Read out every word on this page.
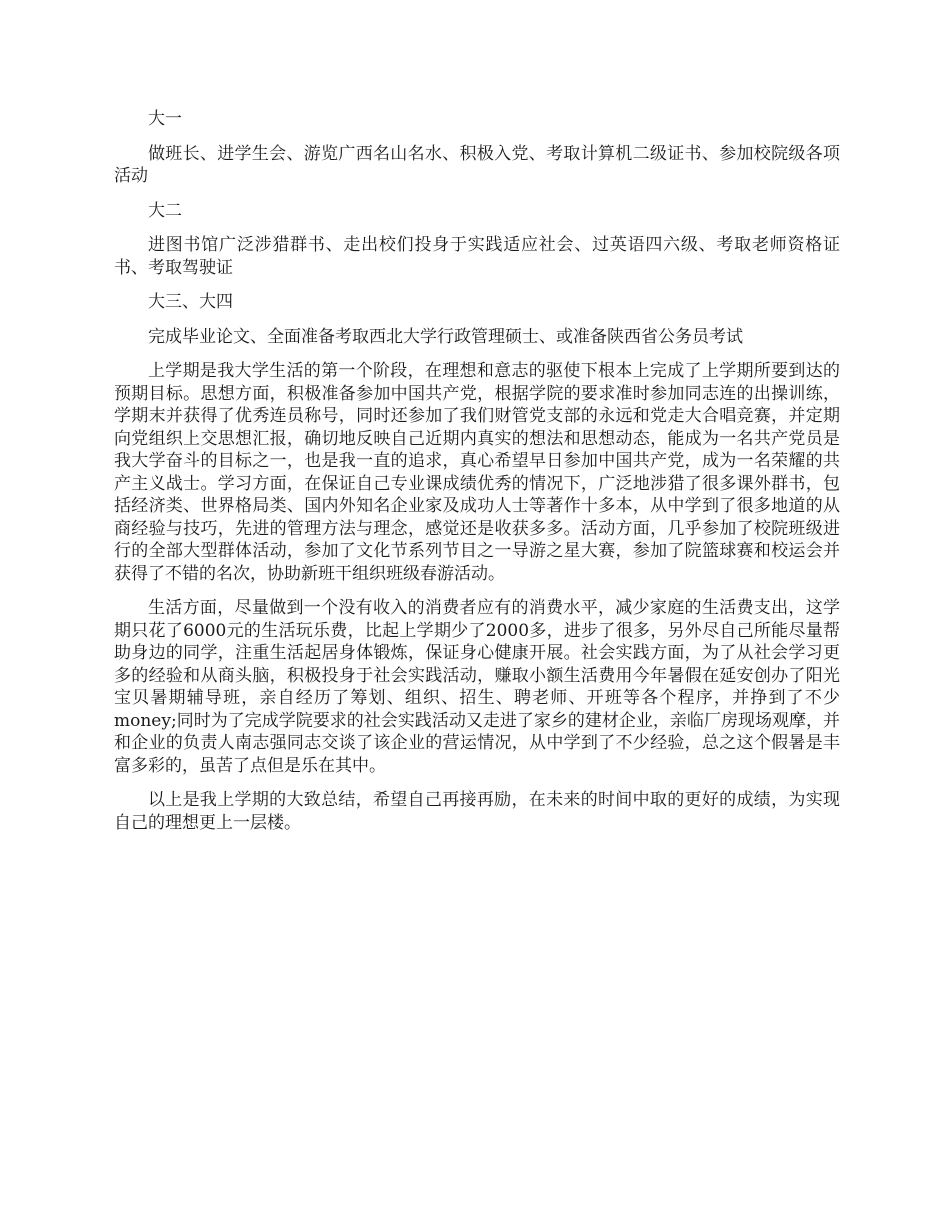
大一

做班长、进学生会、游览广西名山名水、积极入党、考取计算机二级证书、参加校院级各项活动

大二

进图书馆广泛涉猎群书、走出校们投身于实践适应社会、过英语四六级、考取老师资格证书、考取驾驶证

大三、大四

完成毕业论文、全面准备考取西北大学行政管理硕士、或准备陕西省公务员考试

上学期是我大学生活的第一个阶段，在理想和意志的驱使下根本上完成了上学期所要到达的预期目标。思想方面，积极准备参加中国共产党，根据学院的要求准时参加同志连的出操训练，学期末并获得了优秀连员称号，同时还参加了我们财管党支部的永远和党走大合唱竞赛，并定期向党组织上交思想汇报，确切地反映自己近期内真实的想法和思想动态，能成为一名共产党员是我大学奋斗的目标之一，也是我一直的追求，真心希望早日参加中国共产党，成为一名荣耀的共产主义战士。学习方面，在保证自己专业课成绩优秀的情况下，广泛地涉猎了很多课外群书，包括经济类、世界格局类、国内外知名企业家及成功人士等著作十多本，从中学到了很多地道的从商经验与技巧，先进的管理方法与理念，感觉还是收获多多。活动方面，几乎参加了校院班级进行的全部大型群体活动，参加了文化节系列节目之一导游之星大赛，参加了院篮球赛和校运会并获得了不错的名次，协助新班干组织班级春游活动。

生活方面，尽量做到一个没有收入的消费者应有的消费水平，减少家庭的生活费支出，这学期只花了6000元的生活玩乐费，比起上学期少了2000多，进步了很多，另外尽自己所能尽量帮助身边的同学，注重生活起居身体锻炼，保证身心健康开展。社会实践方面，为了从社会学习更多的经验和从商头脑，积极投身于社会实践活动，赚取小额生活费用今年暑假在延安创办了阳光宝贝暑期辅导班，亲自经历了筹划、组织、招生、聘老师、开班等各个程序，并挣到了不少money;同时为了完成学院要求的社会实践活动又走进了家乡的建材企业，亲临厂房现场观摩，并和企业的负责人南志强同志交谈了该企业的营运情况，从中学到了不少经验，总之这个假暑是丰富多彩的，虽苦了点但是乐在其中。

以上是我上学期的大致总结，希望自己再接再励，在未来的时间中取的更好的成绩，为实现自己的理想更上一层楼。
